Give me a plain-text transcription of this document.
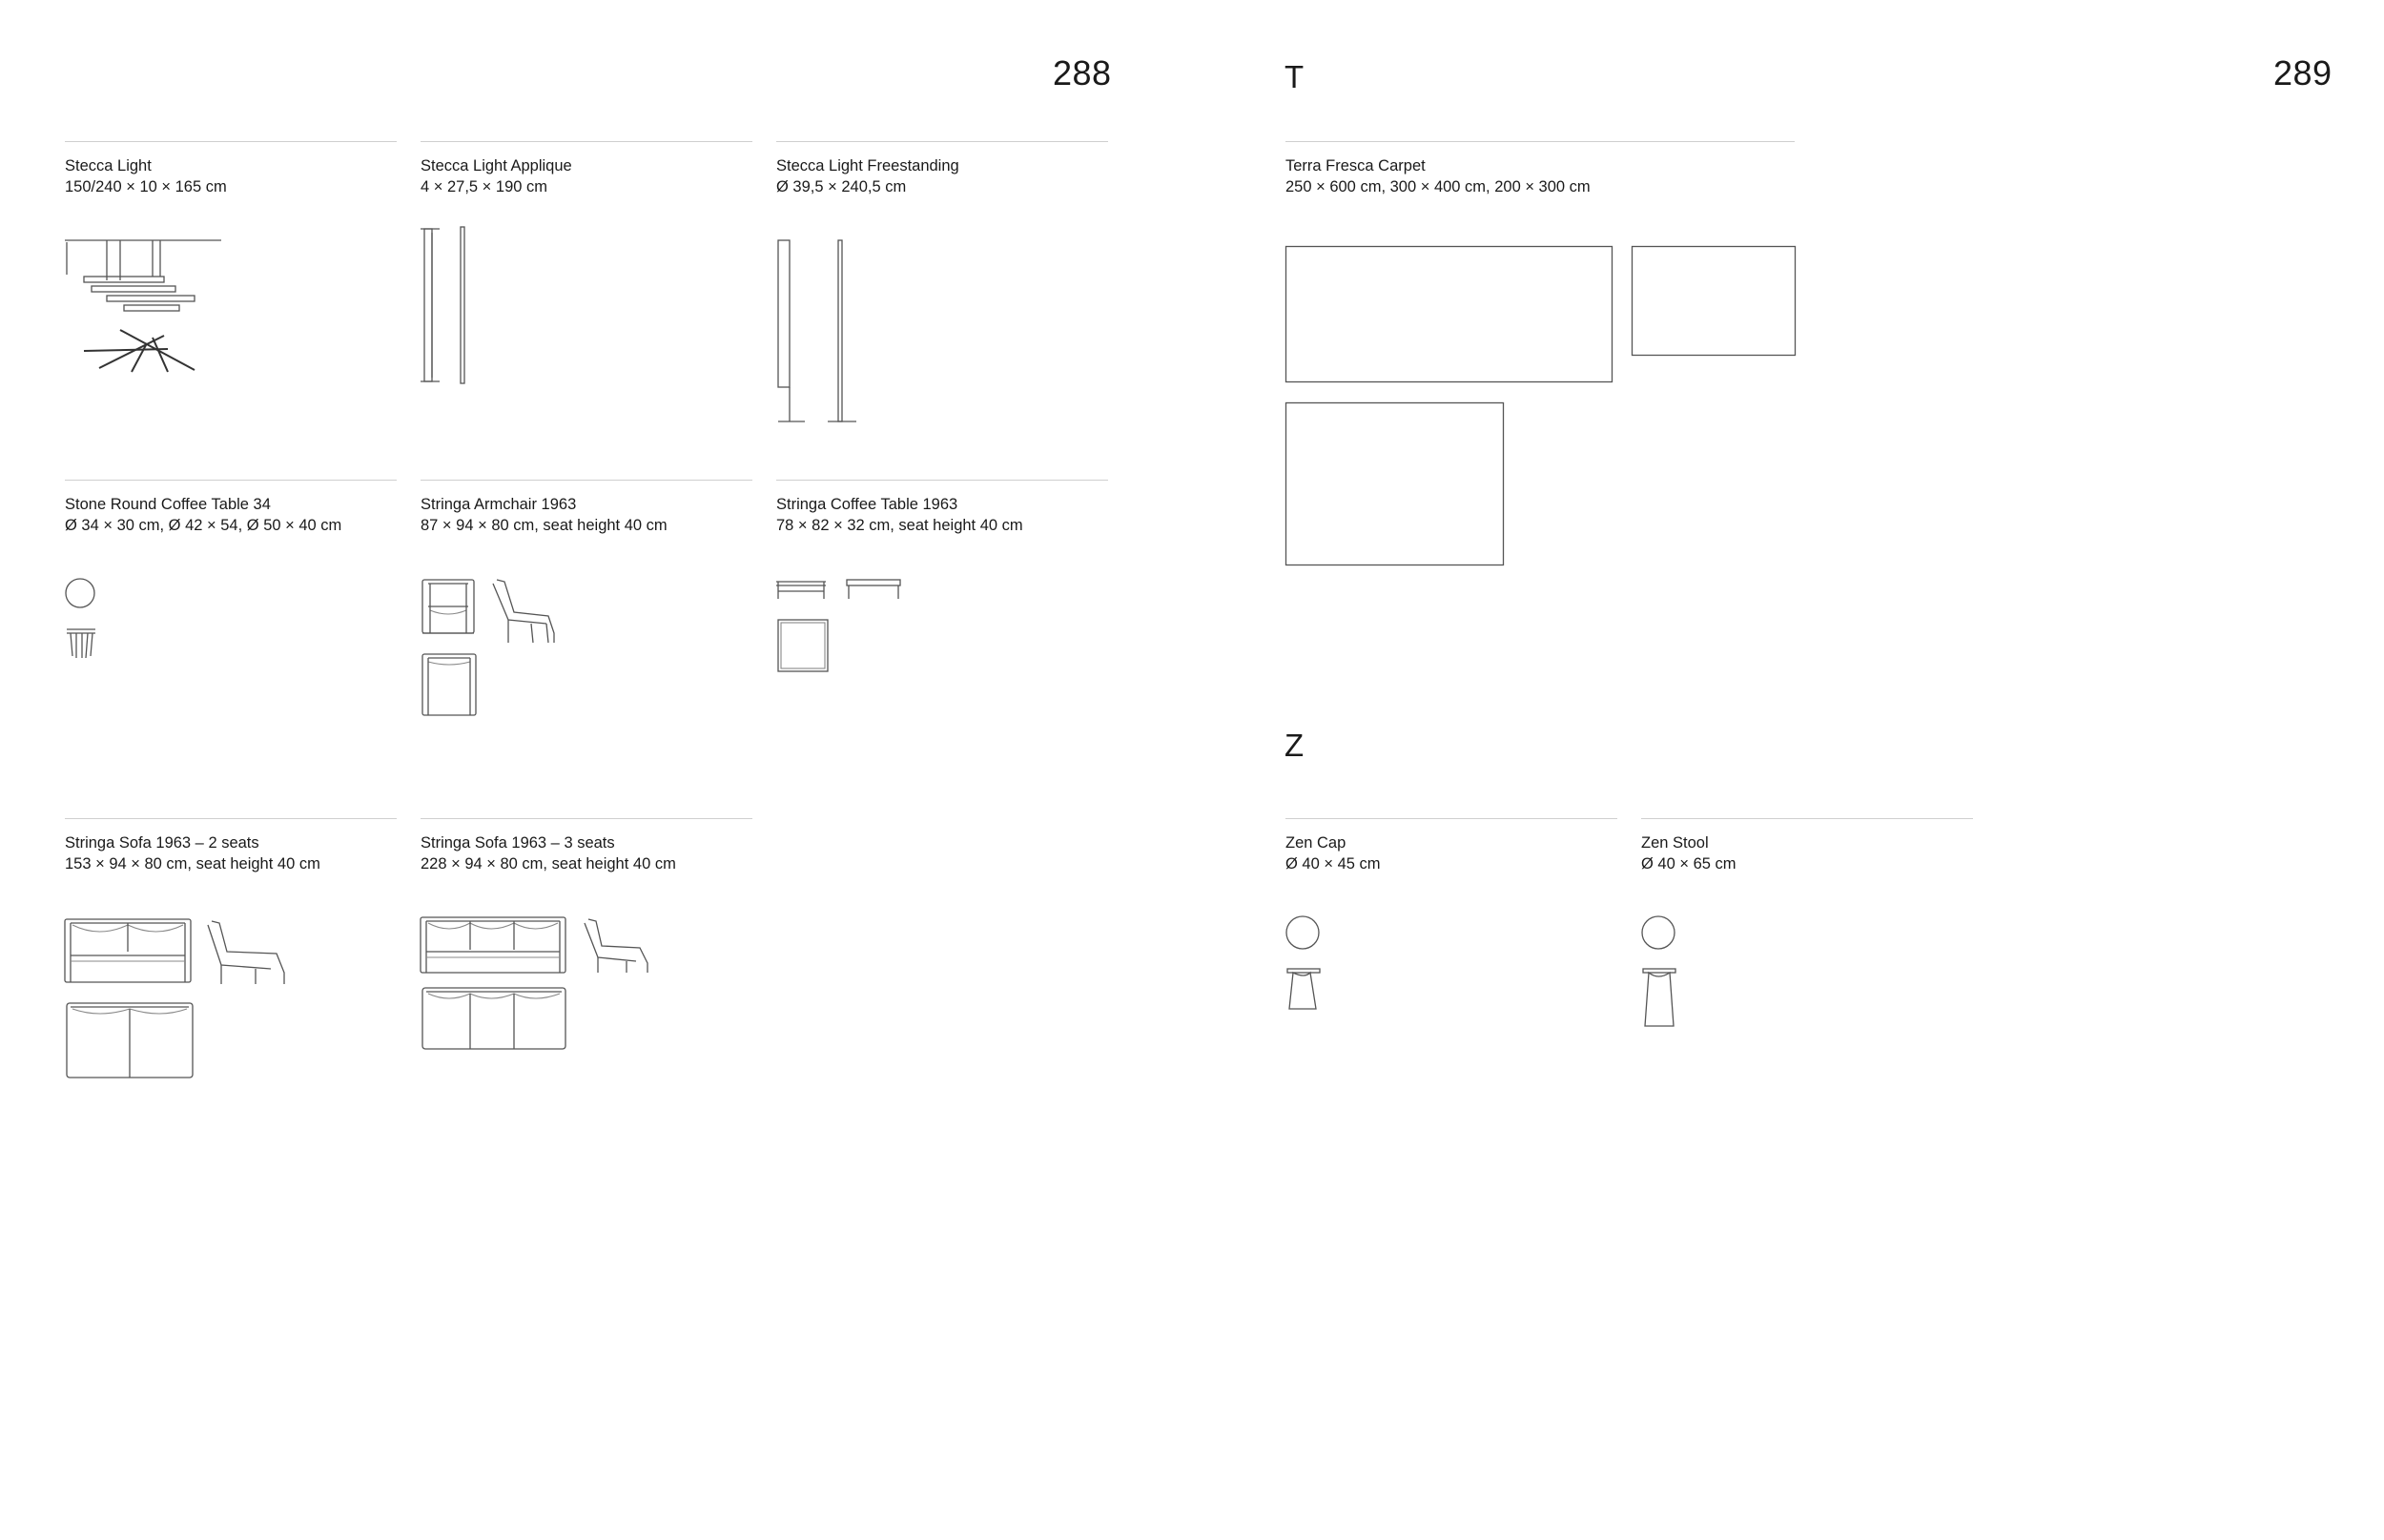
288	289
T
Z
Stecca Light
150/240 × 10 × 165 cm
Stecca Light Applique
4 × 27,5 × 190 cm
Stecca Light Freestanding
Ø 39,5 × 240,5 cm
Stone Round Coffee Table 34
Ø 34 × 30 cm, Ø 42 × 54, Ø 50 × 40 cm
Stringa Armchair 1963
87 × 94 × 80 cm, seat height 40 cm
Stringa Coffee Table 1963
78 × 82 × 32 cm, seat height 40 cm
Stringa Sofa 1963 – 2 seats
153 × 94 × 80 cm, seat height 40 cm
Stringa Sofa 1963 – 3 seats
228 × 94 × 80 cm, seat height 40 cm
Terra Fresca Carpet
250 × 600 cm, 300 × 400 cm, 200 × 300 cm
Zen Cap
Ø 40 × 45 cm
Zen Stool
Ø 40 × 65 cm
